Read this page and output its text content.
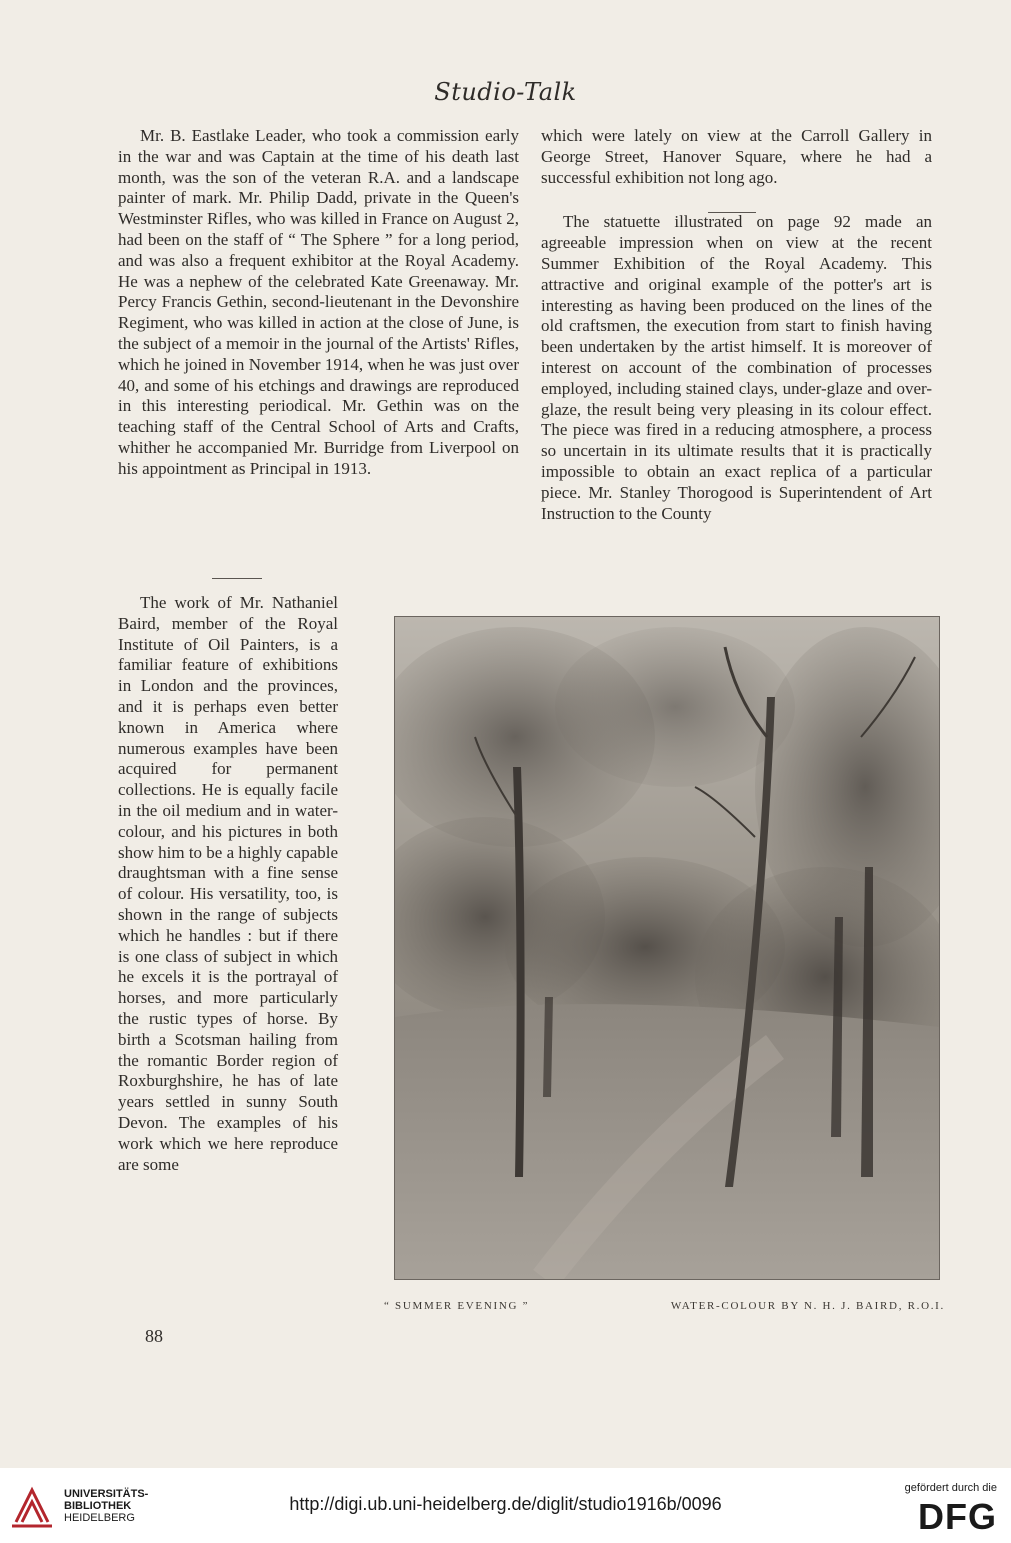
Studio-Talk

Mr. B. Eastlake Leader, who took a commission early in the war and was Captain at the time of his death last month, was the son of the veteran R.A. and a landscape painter of mark. Mr. Philip Dadd, private in the Queen's Westminster Rifles, who was killed in France on August 2, had been on the staff of “ The Sphere ” for a long period, and was also a frequent exhibitor at the Royal Academy. He was a nephew of the celebrated Kate Greenaway. Mr. Percy Francis Gethin, second-lieutenant in the Devonshire Regiment, who was killed in action at the close of June, is the subject of a memoir in the journal of the Artists' Rifles, which he joined in November 1914, when he was just over 40, and some of his etchings and drawings are reproduced in this interesting periodical. Mr. Gethin was on the teaching staff of the Central School of Arts and Crafts, whither he accompanied Mr. Burridge from Liverpool on his appointment as Principal in 1913.

The work of Mr. Nathaniel Baird, member of the Royal Institute of Oil Painters, is a familiar feature of exhibitions in London and the provinces, and it is perhaps even better known in America where numerous examples have been acquired for permanent collections. He is equally facile in the oil medium and in water-colour, and his pictures in both show him to be a highly capable draughtsman with a fine sense of colour. His versatility, too, is shown in the range of subjects which he handles : but if there is one class of subject in which he excels it is the portrayal of horses, and more particularly the rustic types of horse. By birth a Scotsman hailing from the romantic Border region of Roxburghshire, he has of late years settled in sunny South Devon. The examples of his work which we here reproduce are some

which were lately on view at the Carroll Gallery in George Street, Hanover Square, where he had a successful exhibition not long ago.

The statuette illustrated on page 92 made an agreeable impression when on view at the recent Summer Exhibition of the Royal Academy. This attractive and original example of the potter's art is interesting as having been produced on the lines of the old craftsmen, the execution from start to finish having been undertaken by the artist himself. It is moreover of interest on account of the combination of processes employed, including stained clays, under-glaze and over-glaze, the result being very pleasing in its colour effect. The piece was fired in a reducing atmosphere, a process so uncertain in its ultimate results that it is practically impossible to obtain an exact replica of a particular piece. Mr. Stanley Thorogood is Superintendent of Art Instruction to the County

“ SUMMER EVENING ”	WATER-COLOUR BY N. H. J. BAIRD, R.O.I.
88
UNIVERSITÄTS-
BIBLIOTHEK
HEIDELBERG
http://digi.ub.uni-heidelberg.de/diglit/studio1916b/0096
gefördert durch die
DFG
